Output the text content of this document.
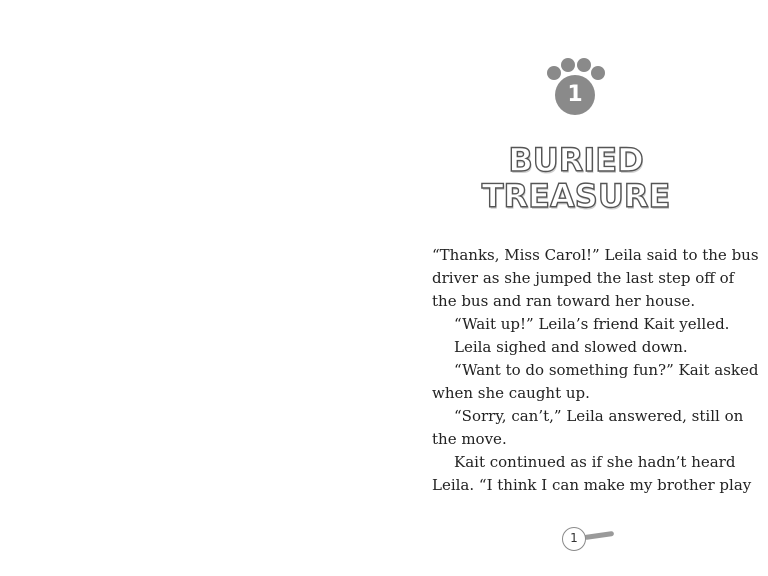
1
BURIED
TREASURE

“Thanks, Miss Carol!” Leila said to the bus

driver as she jumped the last step off of

the bus and ran toward her house.

“Wait up!” Leila’s friend Kait yelled.

Leila sighed and slowed down.

“Want to do something fun?” Kait asked

when she caught up.

“Sorry, can’t,” Leila answered, still on

the move.

Kait continued as if she hadn’t heard

Leila. “I think I can make my brother play

1
